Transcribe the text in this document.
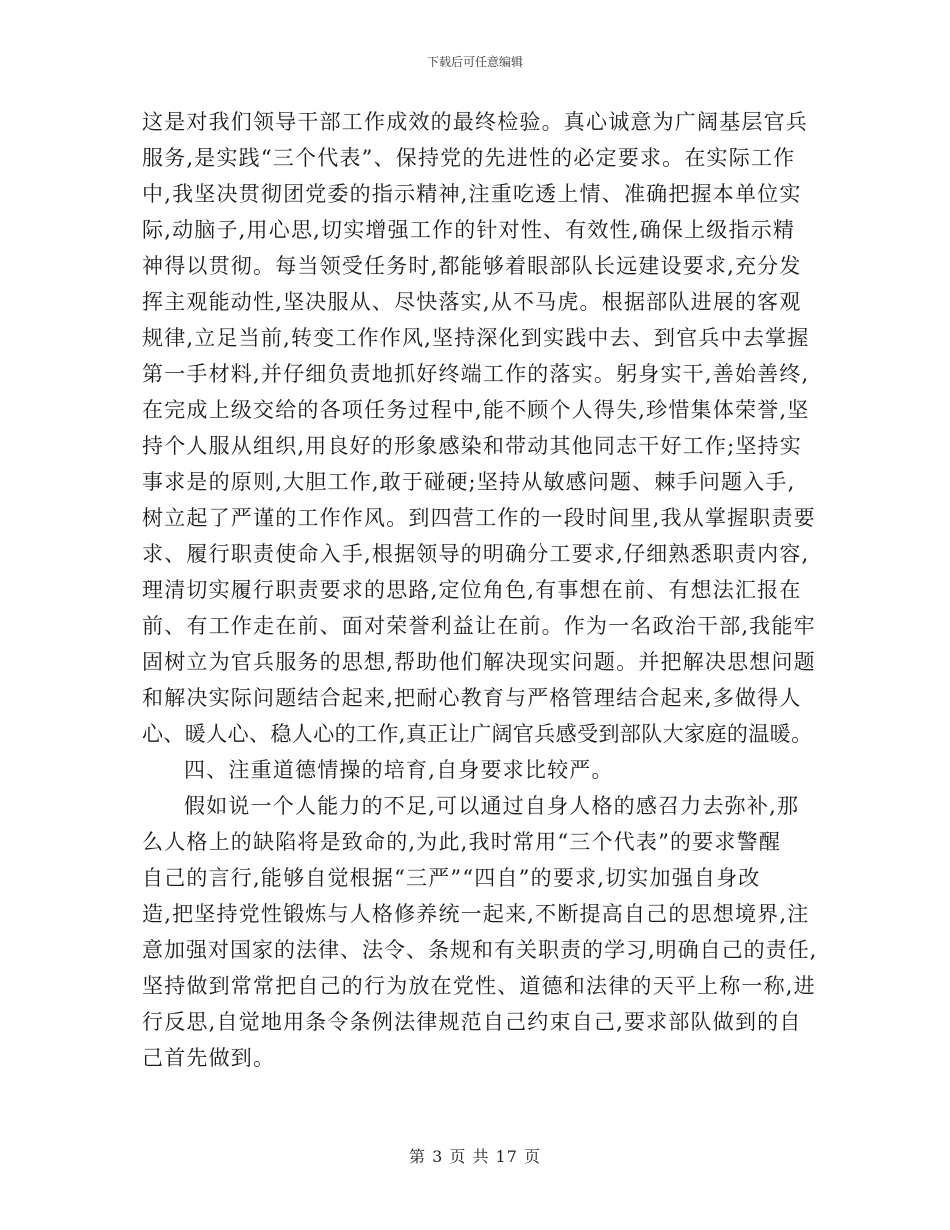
下载后可任意编辑
这是对我们领导干部工作成效的最终检验。真心诚意为广阔基层官兵
服务,是实践“三个代表”、保持党的先进性的必定要求。在实际工作
中,我坚决贯彻团党委的指示精神,注重吃透上情、准确把握本单位实
际,动脑子,用心思,切实增强工作的针对性、有效性,确保上级指示精
神得以贯彻。每当领受任务时,都能够着眼部队长远建设要求,充分发
挥主观能动性,坚决服从、尽快落实,从不马虎。根据部队进展的客观
规律,立足当前,转变工作作风,坚持深化到实践中去、到官兵中去掌握
第一手材料,并仔细负责地抓好终端工作的落实。躬身实干,善始善终,
在完成上级交给的各项任务过程中,能不顾个人得失,珍惜集体荣誉,坚
持个人服从组织,用良好的形象感染和带动其他同志干好工作;坚持实
事求是的原则,大胆工作,敢于碰硬;坚持从敏感问题、棘手问题入手,
树立起了严谨的工作作风。到四营工作的一段时间里,我从掌握职责要
求、履行职责使命入手,根据领导的明确分工要求,仔细熟悉职责内容,
理清切实履行职责要求的思路,定位角色,有事想在前、有想法汇报在
前、有工作走在前、面对荣誉利益让在前。作为一名政治干部,我能牢
固树立为官兵服务的思想,帮助他们解决现实问题。并把解决思想问题
和解决实际问题结合起来,把耐心教育与严格管理结合起来,多做得人
心、暖人心、稳人心的工作,真正让广阔官兵感受到部队大家庭的温暖。
四、注重道德情操的培育,自身要求比较严。
假如说一个人能力的不足,可以通过自身人格的感召力去弥补,那
么人格上的缺陷将是致命的,为此,我时常用“三个代表”的要求警醒
自己的言行,能够自觉根据“三严”“四自”的要求,切实加强自身改
造,把坚持党性锻炼与人格修养统一起来,不断提高自己的思想境界,注
意加强对国家的法律、法令、条规和有关职责的学习,明确自己的责任,
坚持做到常常把自己的行为放在党性、道德和法律的天平上称一称,进
行反思,自觉地用条令条例法律规范自己约束自己,要求部队做到的自
己首先做到。
第 3 页 共 17 页
